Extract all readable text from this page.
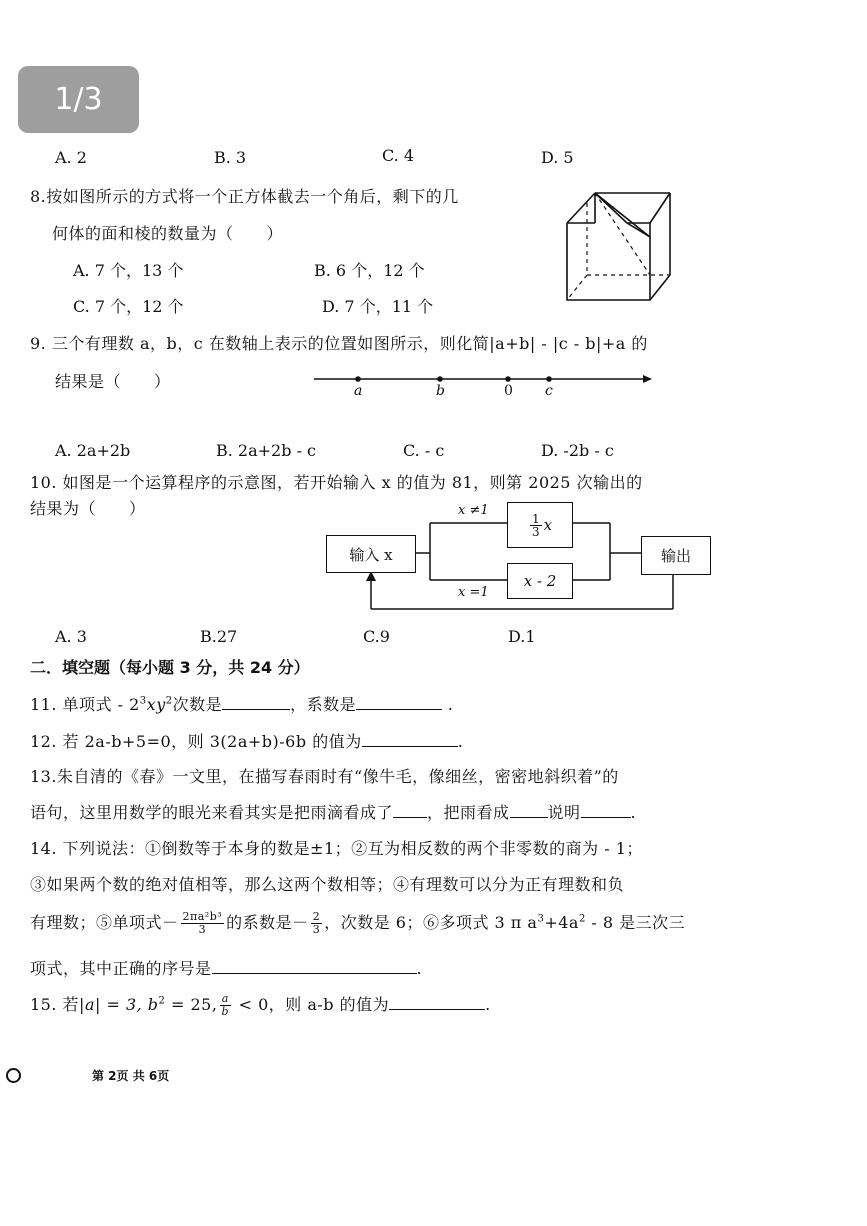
1/3
A. 2	B. 3	C. 4	D. 5
8.按如图所示的方式将一个正方体截去一个角后，剩下的几
何体的面和棱的数量为（　　）
A. 7 个，13 个	B. 6 个，12 个
C. 7 个，12 个	D. 7 个，11 个
9. 三个有理数 a，b，c 在数轴上表示的位置如图所示，则化简|a+b| - |c - b|+a 的
结果是（　　）	a	b	0 c
A. 2a+2b	B. 2a+2b - c	C. - c	D. -2b - c
10. 如图是一个运算程序的示意图，若开始输入 x 的值为 81，则第 2025 次输出的
结果为（　　）
输入 x
$\frac{1}{3}$ x
x - 2
输出
x ≠1
x =1
A. 3	B.27	C.9	D.1
二．填空题（每小题 3 分，共 24 分）
11. 单项式 - $2^3xy^2$次数是	，系数是	.
12. 若 2a-b+5=0，则 3(2a+b)-6b 的值为	.
13.朱自清的《春》一文里，在描写春雨时有“像牛毛，像细丝，密密地斜织着”的
语句，这里用数学的眼光来看其实是把雨滴看成了 ，把雨看成 说明	.
14. 下列说法：①倒数等于本身的数是±1；②互为相反数的两个非零数的商为 - 1；
③如果两个数的绝对值相等，那么这两个数相等；④有理数可以分为正有理数和负
有理数；⑤单项式－ $\frac{\text{2πa²b³}}{3}$ 的系数是－ $\frac{2}{3}$ ，次数是 6；⑥多项式 3 π $a^3+4a^2 - 8$ 是三次三
项式，其中正确的序号是	.
15. 若|a| = 3, $b^2 = 25$, $\frac{a}{b} < 0$，则 a-b 的值为	.
第 2页 共 6页
